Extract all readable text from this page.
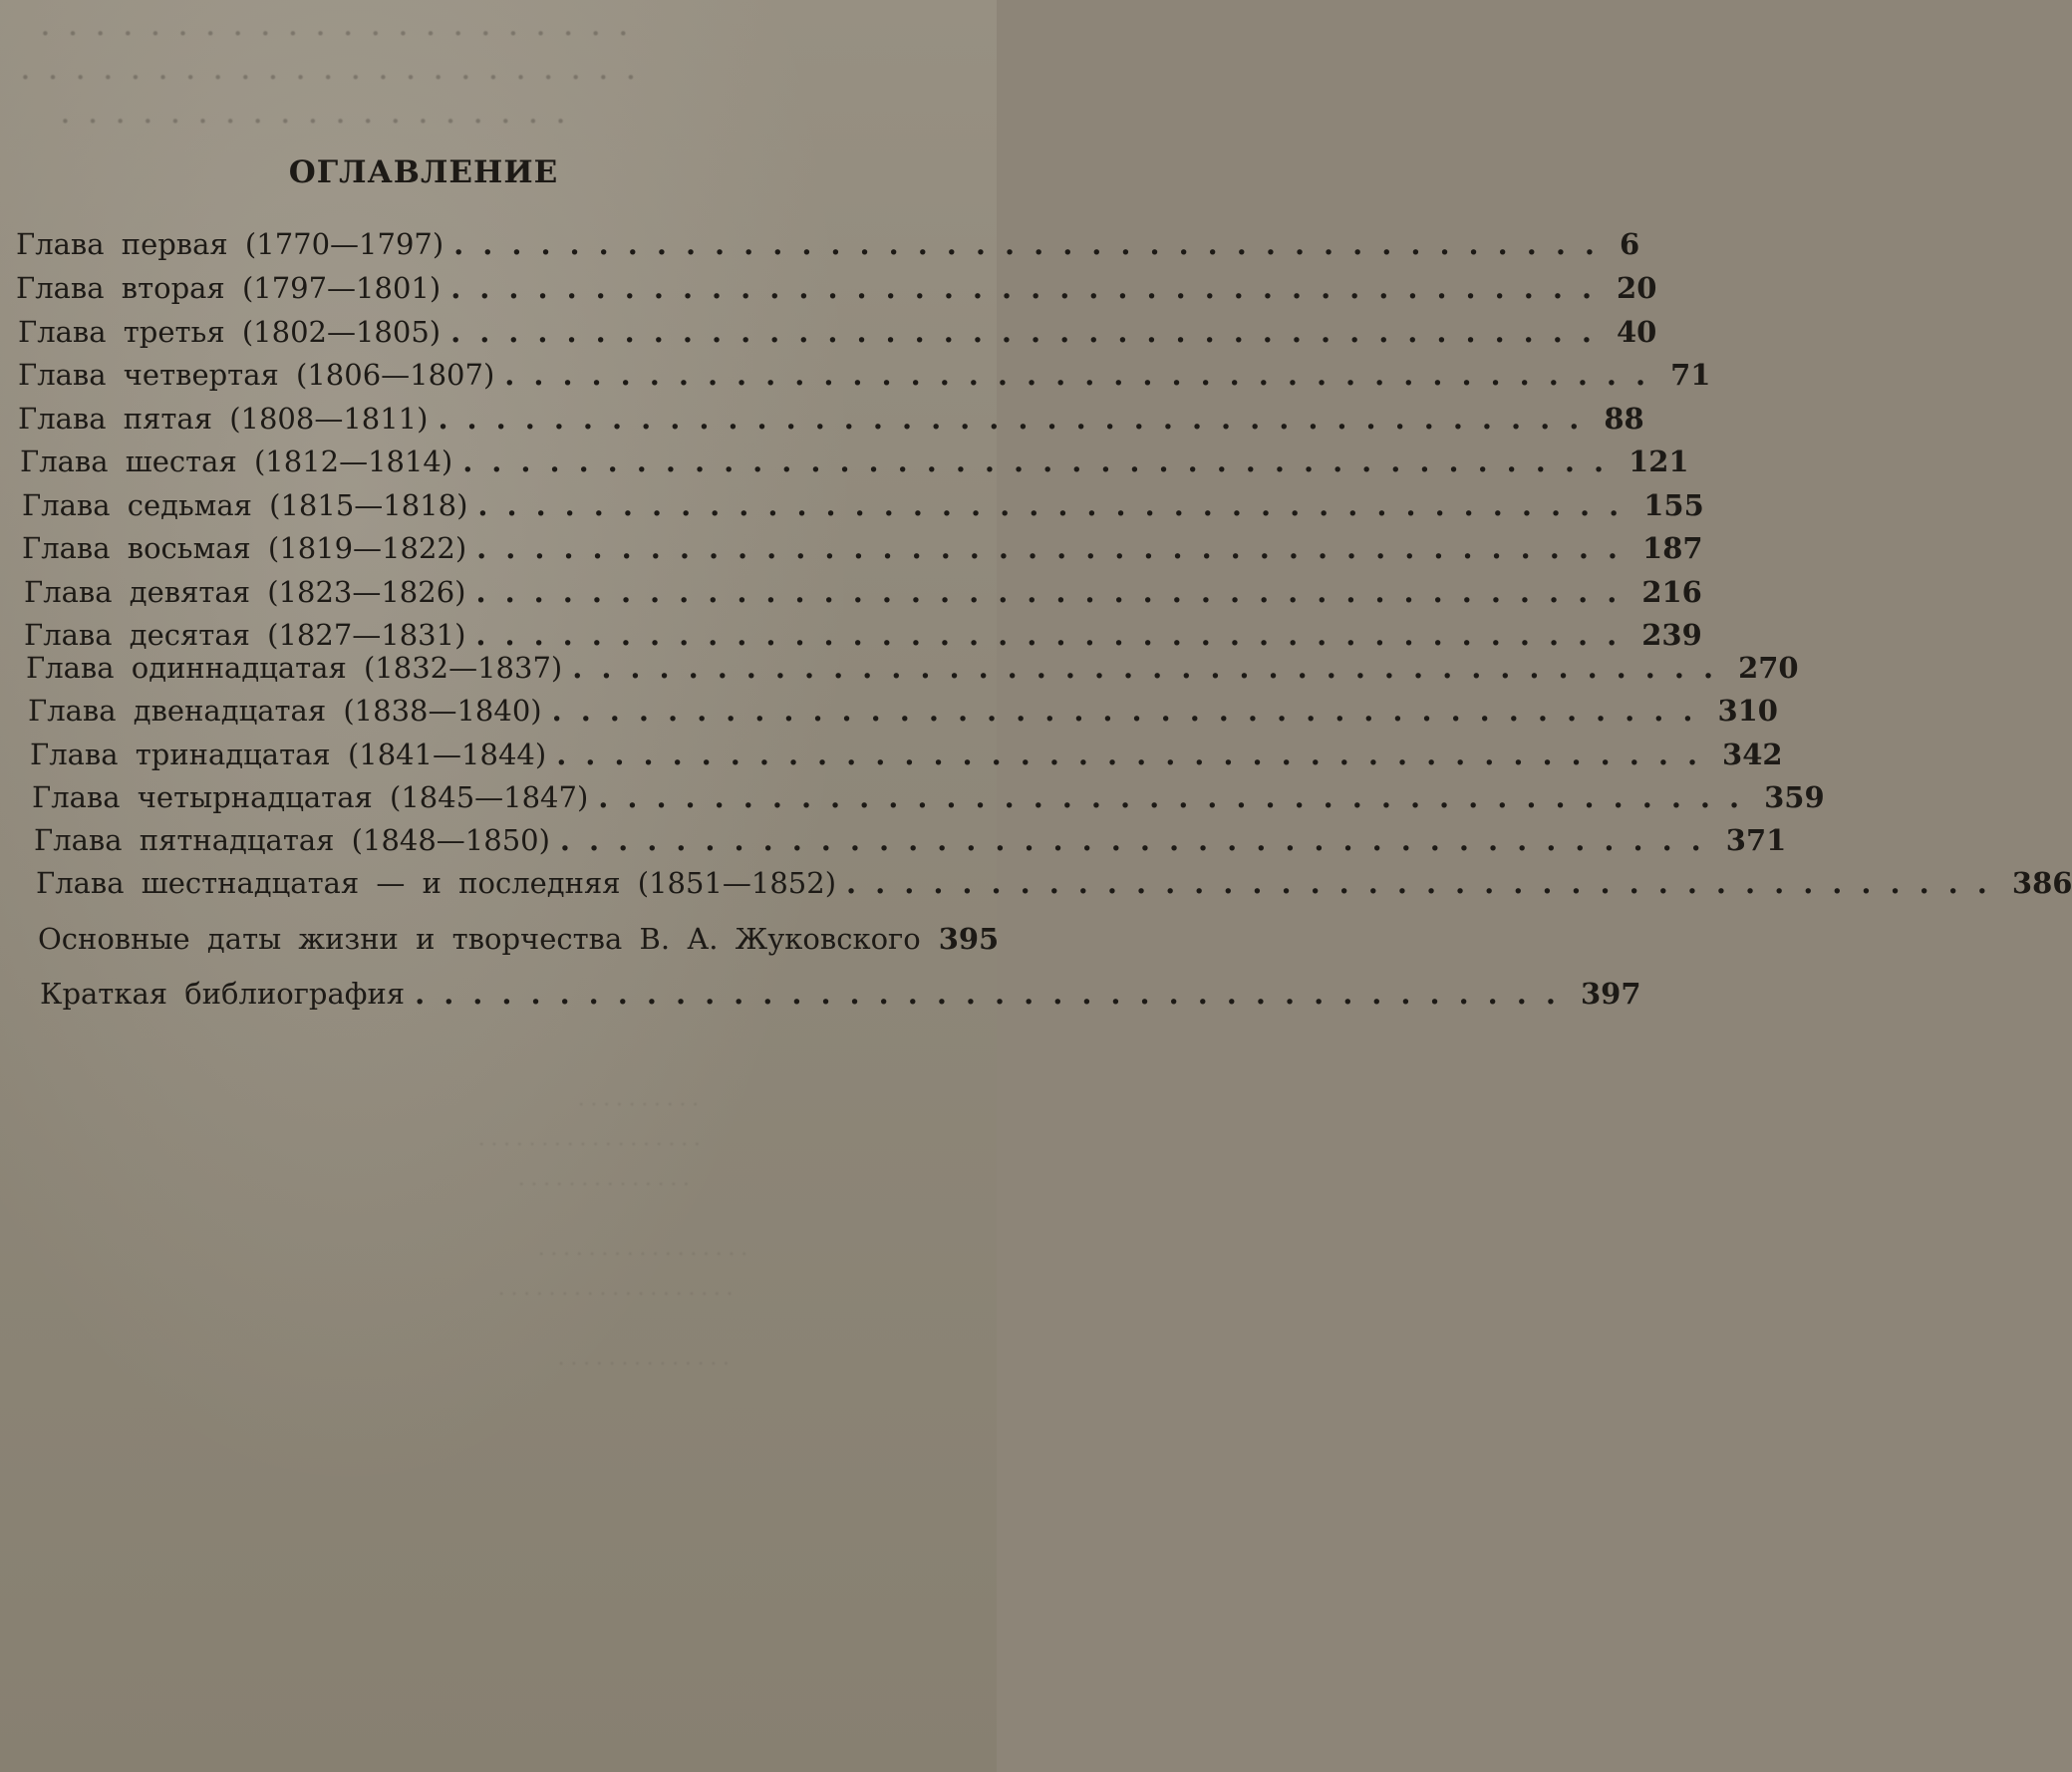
. . . . . . . . . . . . . . . . . . . . . .
. . . . . . . . . . . . . . . . . . . . . . .
. . . . . . . . . . . . . . . . . . .
ОГЛАВЛЕНИЕ
Глава первая (1770—1797) ........................................ 6
Глава вторая (1797—1801) ........................................ 20
Глава третья (1802—1805) ........................................ 40
Глава четвертая (1806—1807) ........................................ 71
Глава пятая (1808—1811) ........................................ 88
Глава шестая (1812—1814) ........................................ 121
Глава седьмая (1815—1818) ........................................ 155
Глава восьмая (1819—1822) ........................................ 187
Глава девятая (1823—1826) ........................................ 216
Глава десятая (1827—1831) ........................................ 239
Глава одиннадцатая (1832—1837) ........................................ 270
Глава двенадцатая (1838—1840) ........................................ 310
Глава тринадцатая (1841—1844) ........................................ 342
Глава четырнадцатая (1845—1847) ........................................ 359
Глава пятнадцатая (1848—1850) ........................................ 371
Глава шестнадцатая — и последняя (1851—1852) ........................................ 386
Основные даты жизни и творчества В. А. Жуковского 395
Краткая библиография ........................................ 397
. . . . . . . . . .
. . . . . . . . . . . . . . . . . .
. . . . . . . . . . . . . .
. . . . . . . . . . . . . . . . .
. . . . . . . . . . . . . . . . . . .
. . . . . . . . . . . . . .
